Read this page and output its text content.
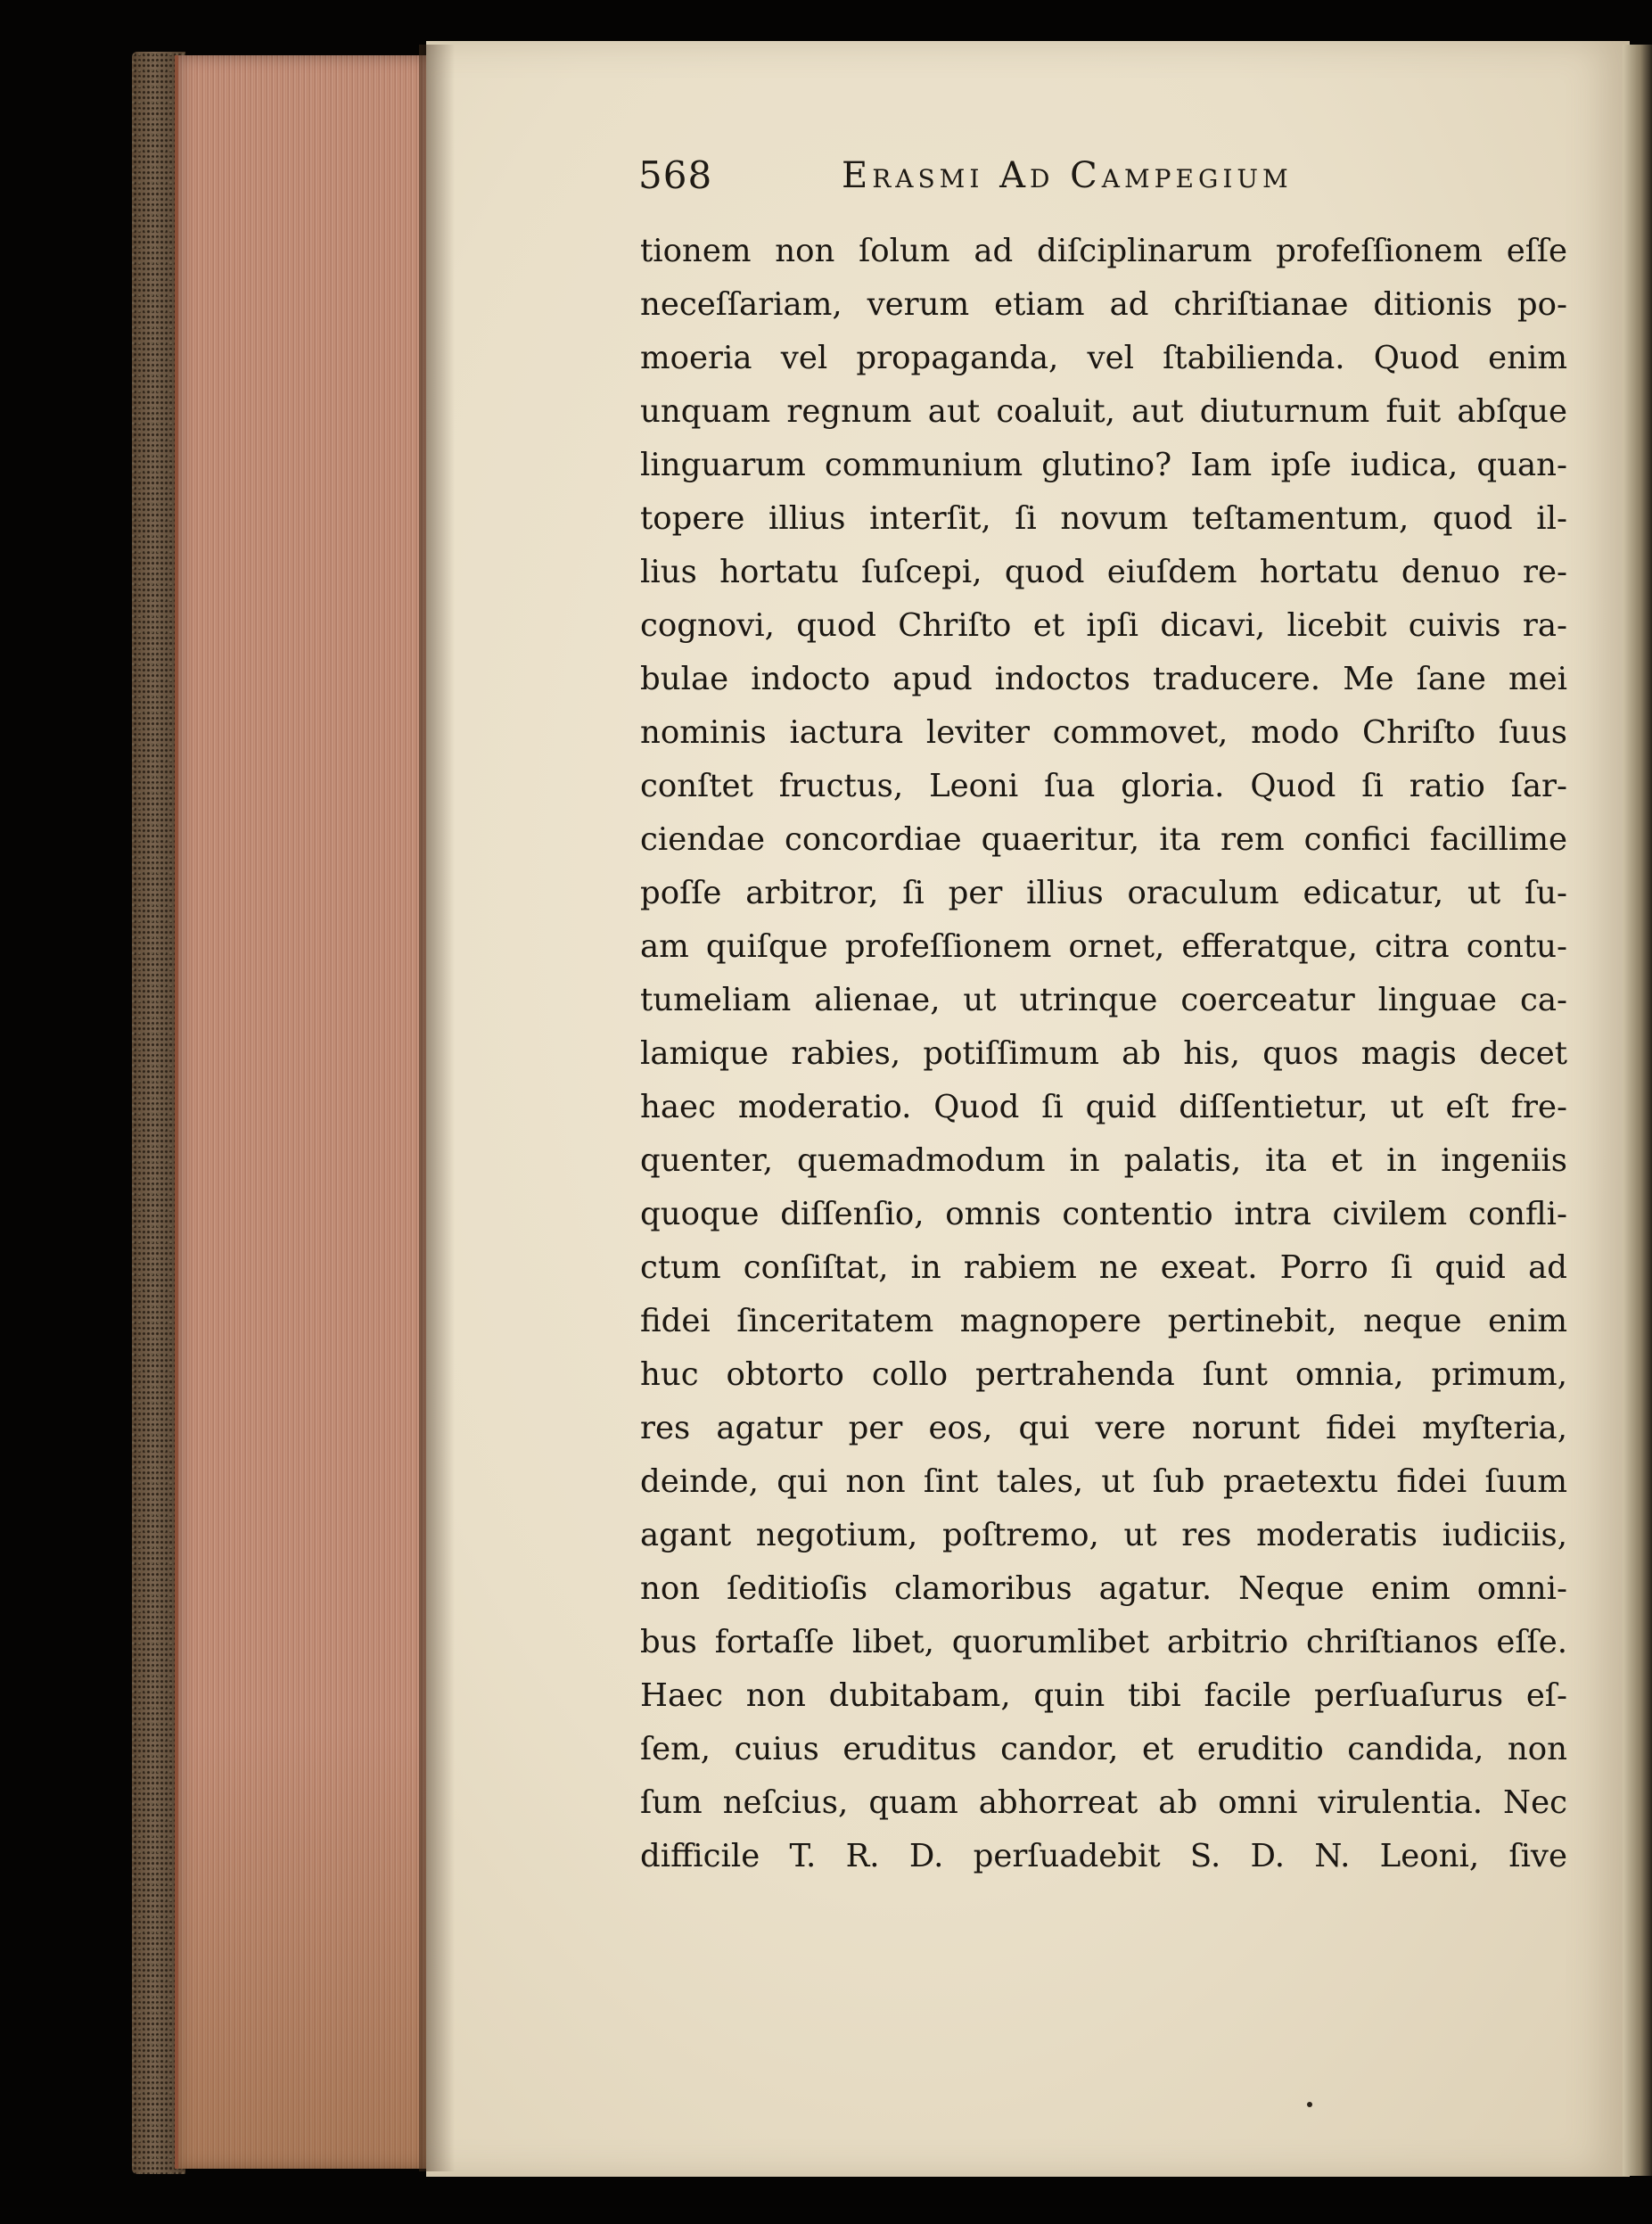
568	Erasmi Ad Campegium
tionem non ſolum ad diſciplinarum profeſſionem eſſe
neceſſariam, verum etiam ad chriſtianae ditionis po-
moeria vel propaganda, vel ſtabilienda. Quod enim
unquam regnum aut coaluit, aut diuturnum fuit abſque
linguarum communium glutino? Iam ipſe iudica, quan-
topere illius interſit, ſi novum teſtamentum, quod il-
lius hortatu ſuſcepi, quod eiuſdem hortatu denuo re-
cognovi, quod Chriſto et ipſi dicavi, licebit cuivis ra-
bulae indocto apud indoctos traducere. Me ſane mei
nominis iactura leviter commovet, modo Chriſto ſuus
conſtet fructus, Leoni ſua gloria. Quod ſi ratio ſar-
ciendae concordiae quaeritur, ita rem confici facillime
poſſe arbitror, ſi per illius oraculum edicatur, ut ſu-
am quiſque profeſſionem ornet, efferatque, citra contu-
tumeliam alienae, ut utrinque coerceatur linguae ca-
lamique rabies, potiſſimum ab his, quos magis decet
haec moderatio. Quod ſi quid diſſentietur, ut eſt fre-
quenter, quemadmodum in palatis, ita et in ingeniis
quoque diſſenſio, omnis contentio intra civilem confli-
ctum conſiſtat, in rabiem ne exeat. Porro ſi quid ad
fidei ſinceritatem magnopere pertinebit, neque enim
huc obtorto collo pertrahenda ſunt omnia, primum,
res agatur per eos, qui vere norunt fidei myſteria,
deinde, qui non ſint tales, ut ſub praetextu fidei ſuum
agant negotium, poſtremo, ut res moderatis iudiciis,
non ſeditioſis clamoribus agatur. Neque enim omni-
bus fortaſſe libet, quorumlibet arbitrio chriſtianos eſſe.
Haec non dubitabam, quin tibi facile perſuaſurus eſ-
ſem, cuius eruditus candor, et eruditio candida, non
ſum neſcius, quam abhorreat ab omni virulentia. Nec
difficile T. R. D. perſuadebit S. D. N. Leoni, ſive
